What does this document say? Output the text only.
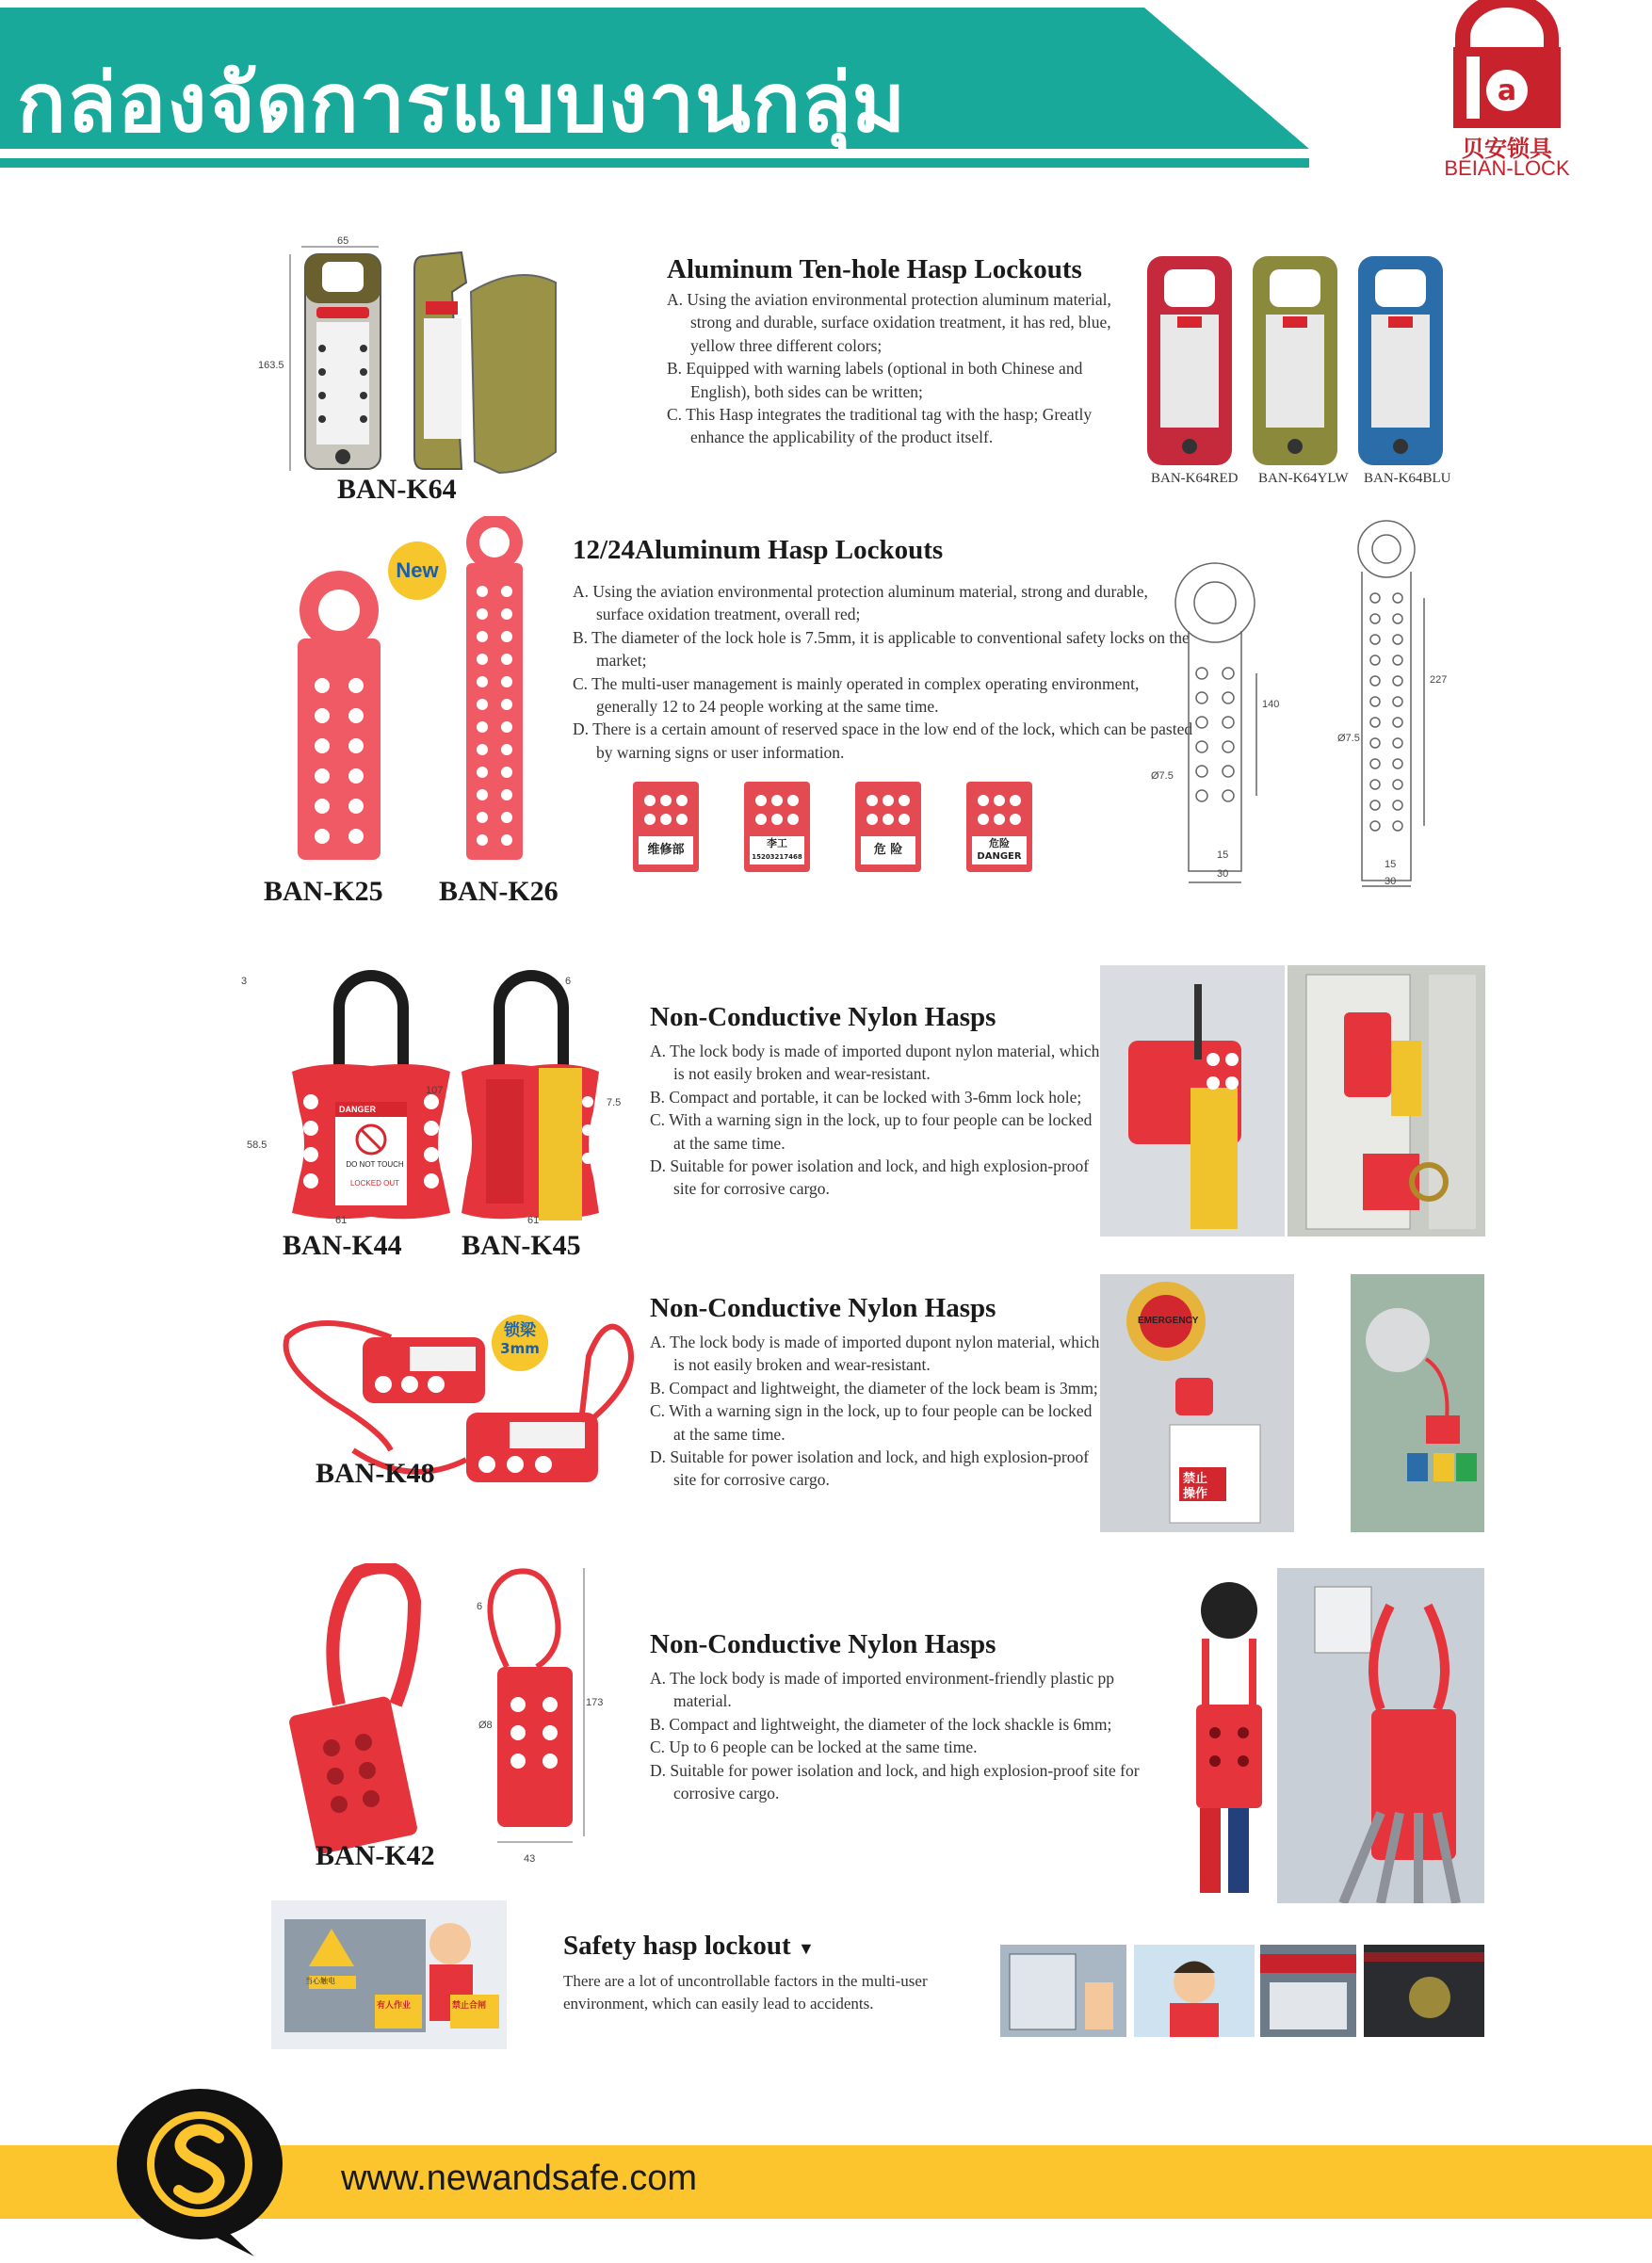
กล่องจัดการแบบงานกลุ่ม	a
贝安锁具
BEIAN-LOCK
65
163.5
BAN-K64
Aluminum Ten-hole Hasp Lockouts

A. Using the aviation environmental protection aluminum material, strong and durable, surface oxidation treatment, it has red, blue, yellow three different colors;

B. Equipped with warning labels (optional in both Chinese and English), both sides can be written;

C. This Hasp integrates the traditional tag with the hasp; Greatly enhance the applicability of the product itself.

BAN-K64RED BAN-K64YLW BAN-K64BLU
New
BAN-K25 BAN-K26
12/24Aluminum Hasp Lockouts

A. Using the aviation environmental protection aluminum material, strong and durable, surface oxidation treatment, overall red;

B. The diameter of the lock hole is 7.5mm, it is applicable to conventional safety locks on the market;

C. The multi-user management is mainly operated in complex operating environment, generally 12 to 24 people working at the same time.

D. There is a certain amount of reserved space in the low end of the lock, which can be pasted by warning signs or user information.

维修部	李工
15203217468	危 险	危险
DANGER
Ø7.5
140
15
30
Ø7.5
227
15
30
DANGER
DO NOT TOUCH
LOCKED OUT
3
58.5
107
61
6
7.5
61
BAN-K44 BAN-K45
Non-Conductive Nylon Hasps

A. The lock body is made of imported dupont nylon material, which is not easily broken and wear-resistant.

B. Compact and portable, it can be locked with 3-6mm lock hole;

C. With a warning sign in the lock, up to four people can be locked at the same time.

D. Suitable for power isolation and lock, and high explosion-proof site for corrosive cargo.

锁梁
3mm
BAN-K48
Non-Conductive Nylon Hasps

A. The lock body is made of imported dupont nylon material, which is not easily broken and wear-resistant.

B. Compact and lightweight, the diameter of the lock beam is 3mm;

C. With a warning sign in the lock, up to four people can be locked at the same time.

D. Suitable for power isolation and lock, and high explosion-proof site for corrosive cargo.

EMERGENCY
禁止
操作
6
Ø8
173
43
BAN-K42
Non-Conductive Nylon Hasps

A. The lock body is made of imported environment-friendly plastic pp material.

B. Compact and lightweight, the diameter of the lock shackle is 6mm;

C. Up to 6 people can be locked at the same time.

D. Suitable for power isolation and lock, and high explosion-proof site for corrosive cargo.

当心触电
有人作业	禁止合闸
Safety hasp lockout ▼
There are a lot of uncontrollable factors in the multi-user environment, which can easily lead to accidents.
www.newandsafe.com
